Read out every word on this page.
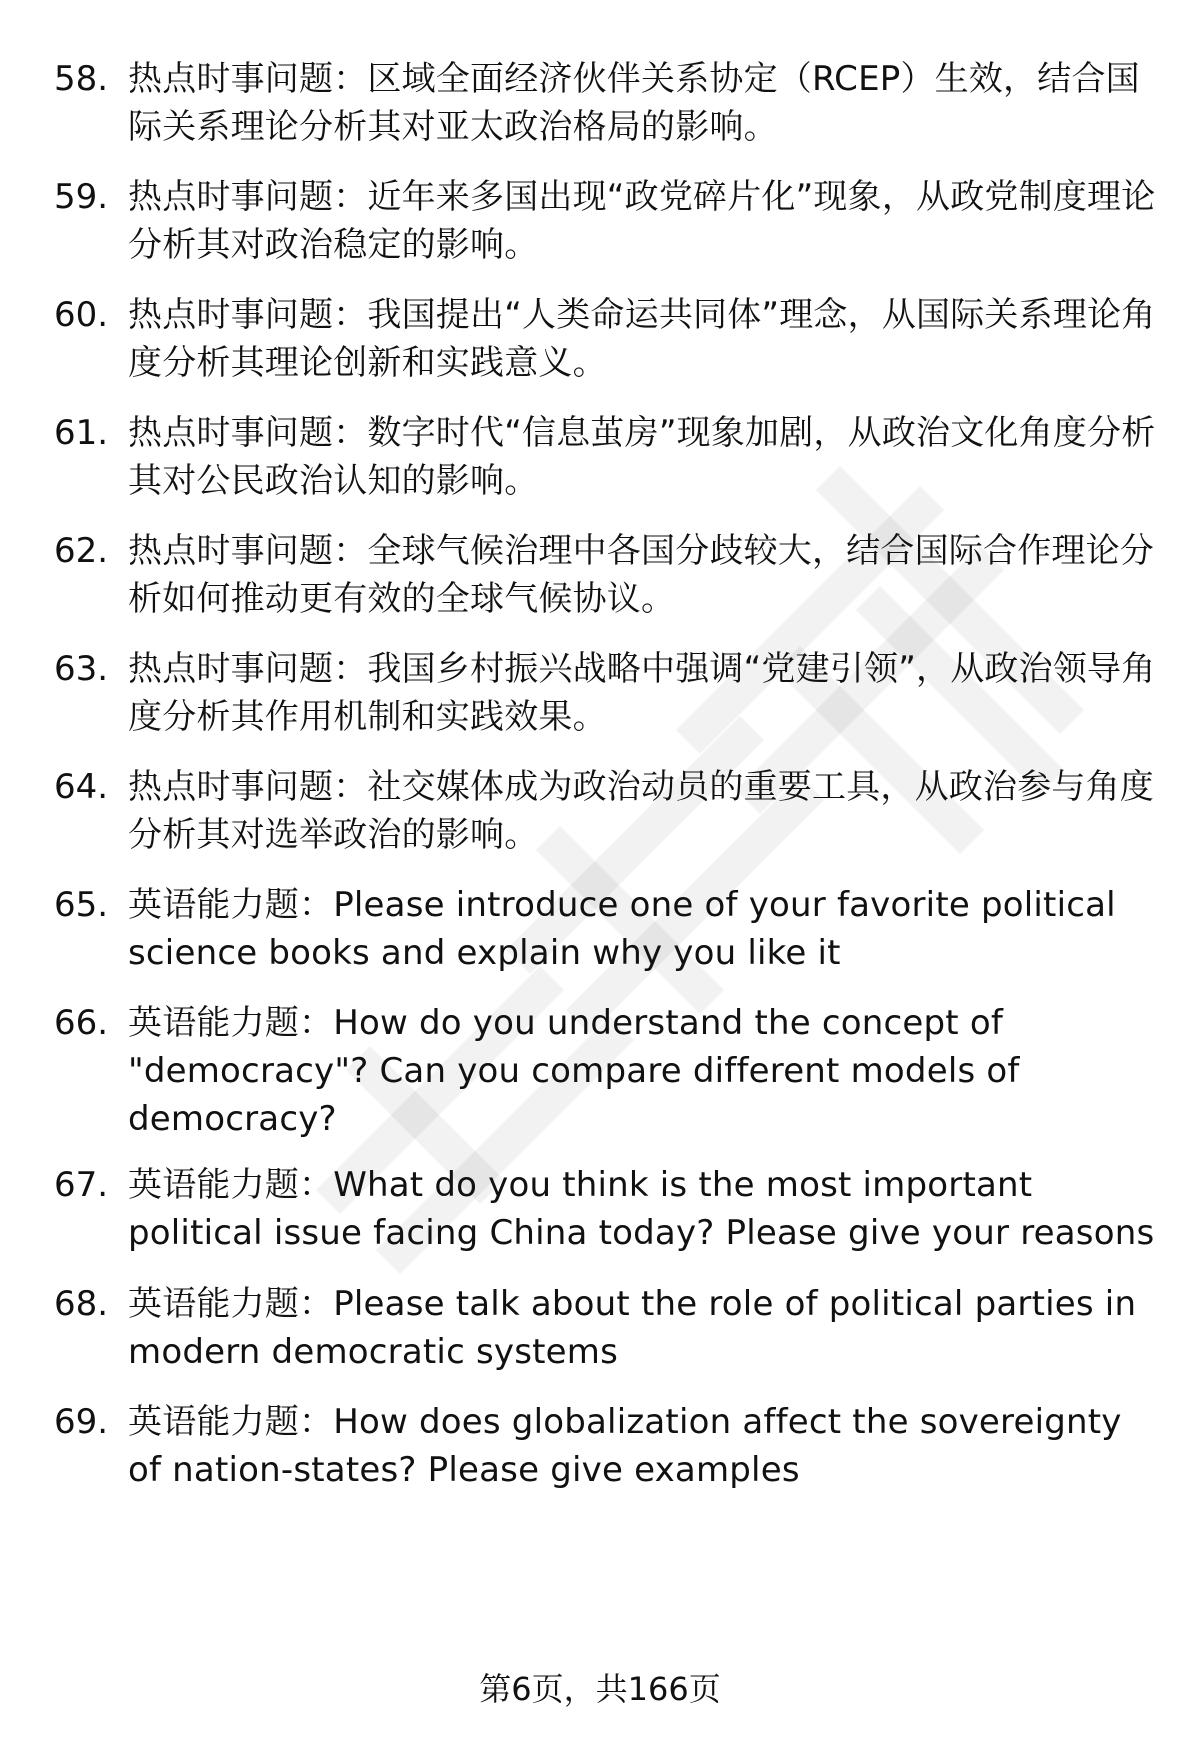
58. 热点时事问题：区域全面经济伙伴关系协定（RCEP）生效，结合国际关系理论分析其对亚太政治格局的影响。
59. 热点时事问题：近年来多国出现“政党碎片化”现象，从政党制度理论分析其对政治稳定的影响。
60. 热点时事问题：我国提出“人类命运共同体”理念，从国际关系理论角度分析其理论创新和实践意义。
61. 热点时事问题：数字时代“信息茧房”现象加剧，从政治文化角度分析其对公民政治认知的影响。
62. 热点时事问题：全球气候治理中各国分歧较大，结合国际合作理论分析如何推动更有效的全球气候协议。
63. 热点时事问题：我国乡村振兴战略中强调“党建引领”，从政治领导角度分析其作用机制和实践效果。
64. 热点时事问题：社交媒体成为政治动员的重要工具，从政治参与角度分析其对选举政治的影响。
65. 英语能力题：Please introduce one of your favorite political science books and explain why you like it
66. 英语能力题：How do you understand the concept of "democracy"? Can you compare different models of democracy?
67. 英语能力题：What do you think is the most important political issue facing China today? Please give your reasons
68. 英语能力题：Please talk about the role of political parties in modern democratic systems
69. 英语能力题：How does globalization affect the sovereignty of nation-states? Please give examples
第6页，共166页
